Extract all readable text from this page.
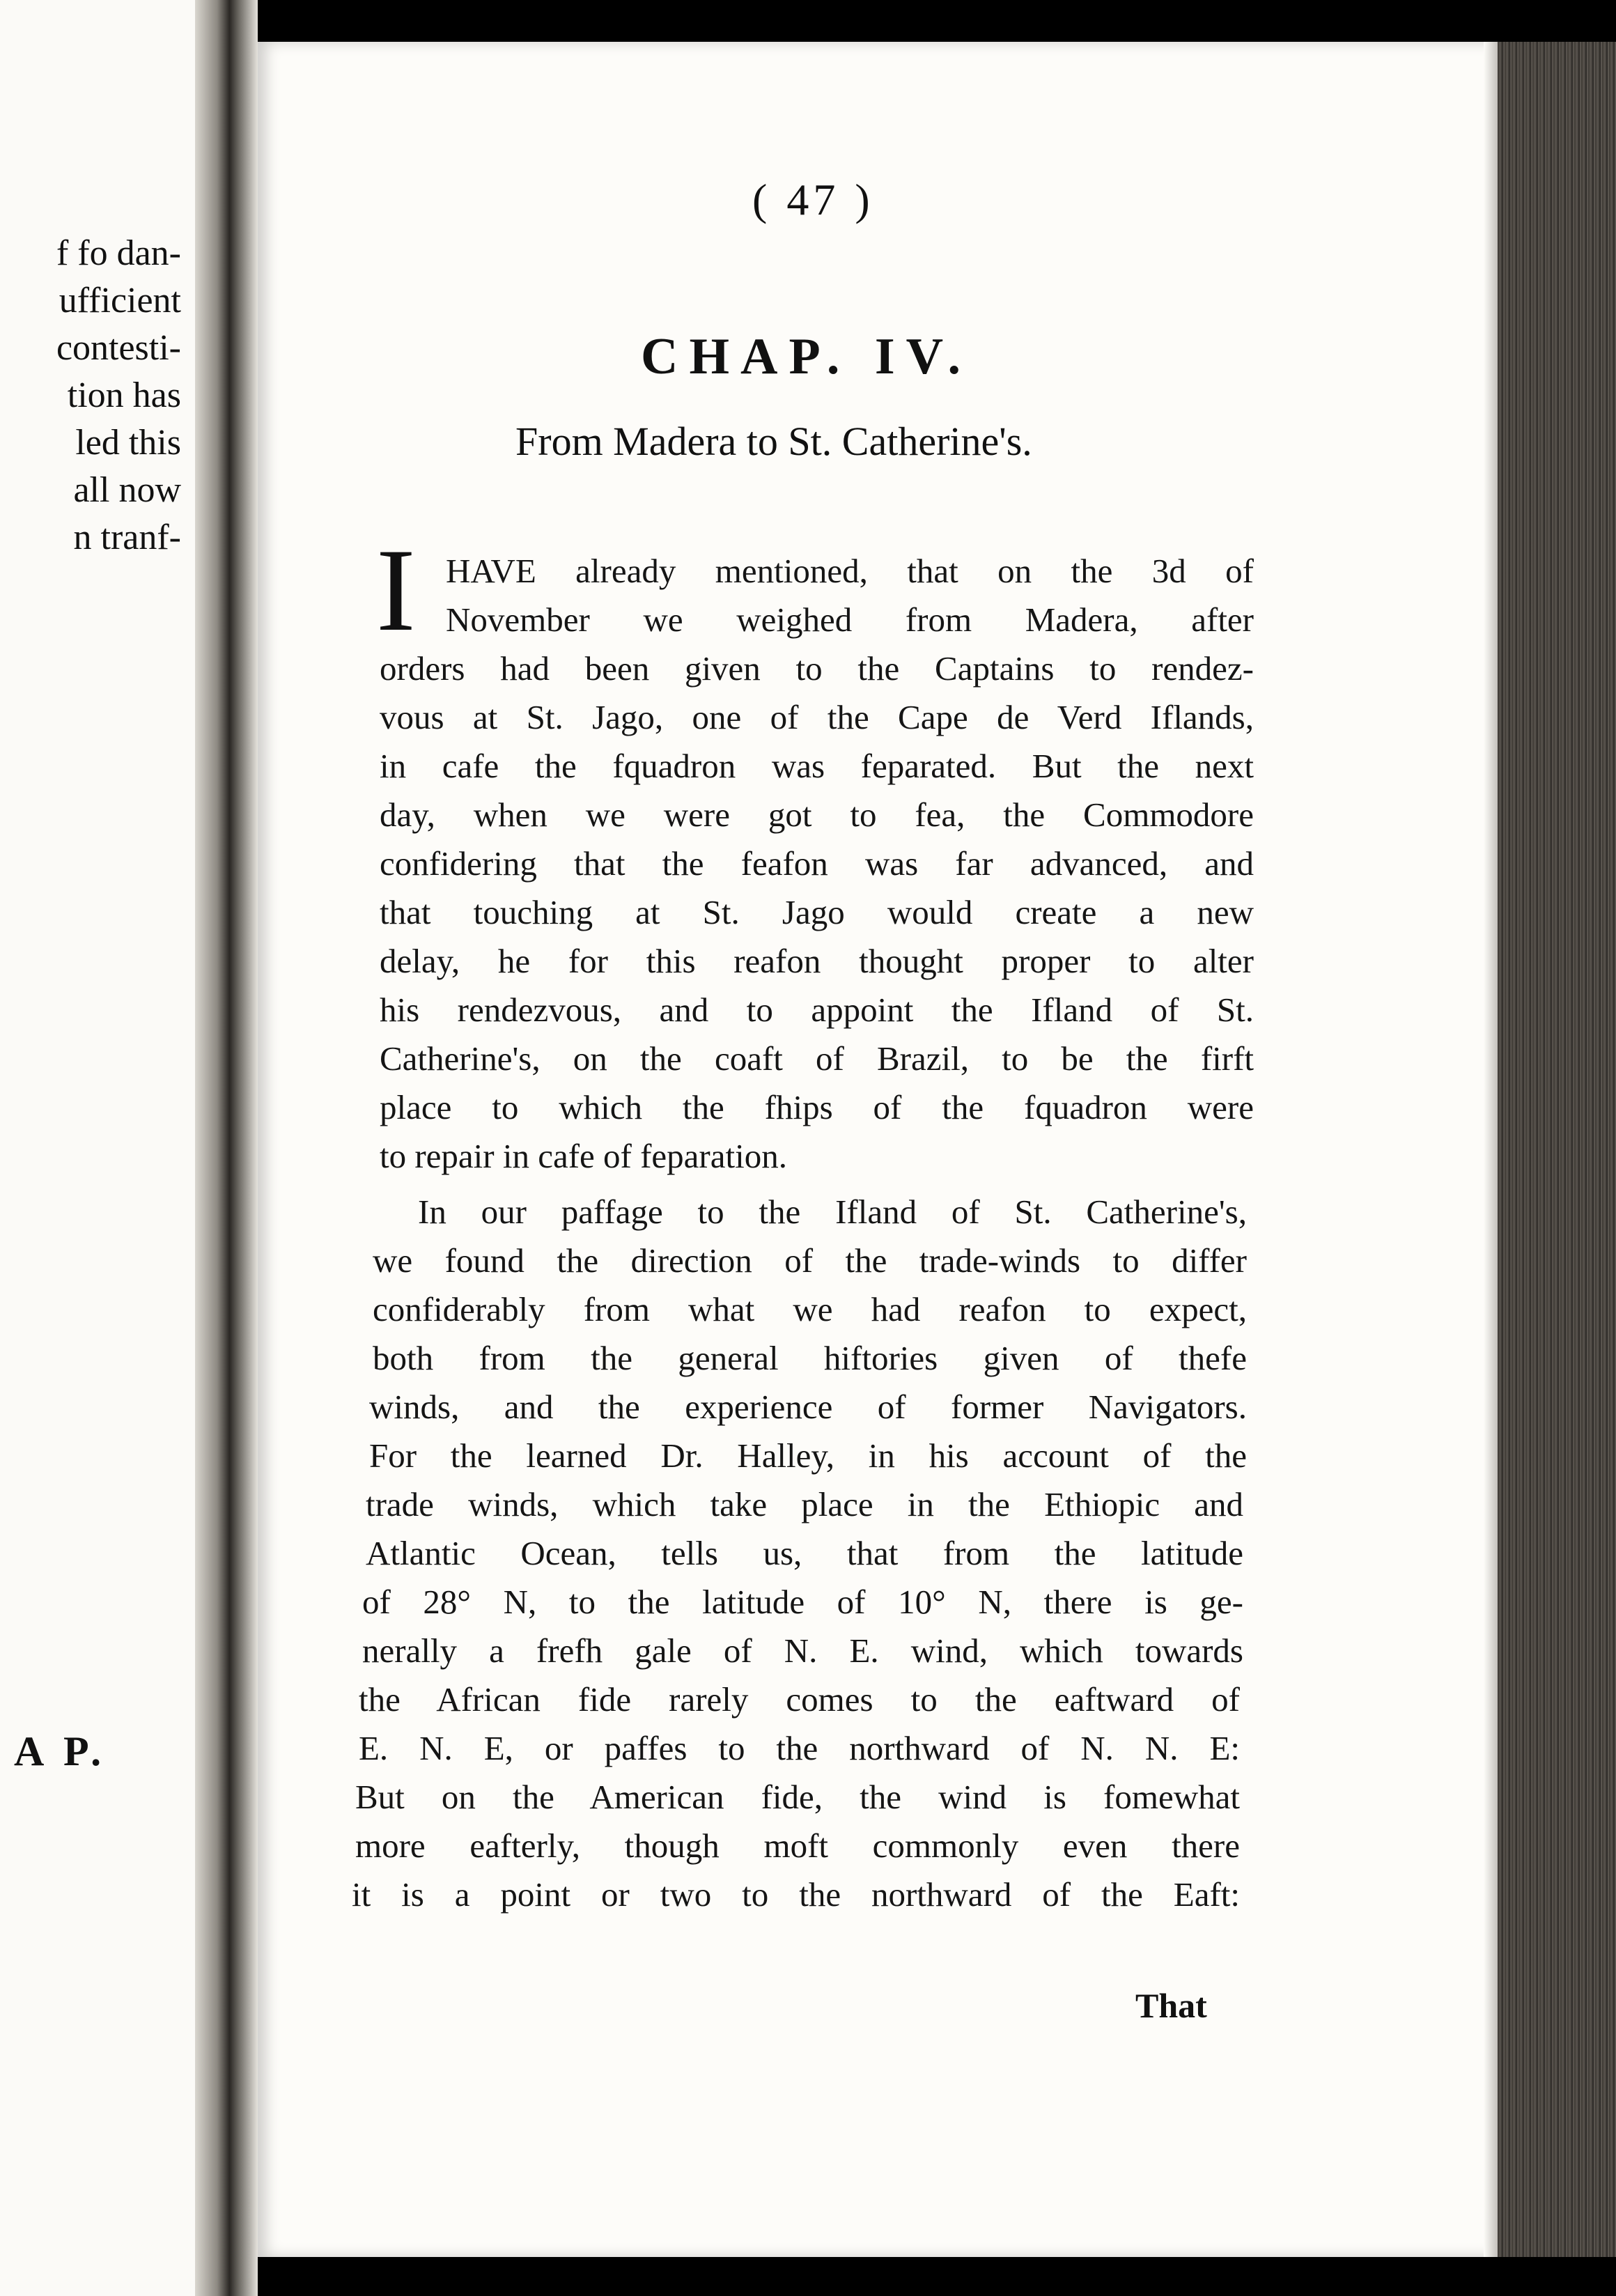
f fo dan-
ufficient
contesti-
tion has
led this
all now
n tranf-
A P.
( 47 )
CHAP. IV.
From Madera to St. Catherine's.
I HAVE already mentioned, that on the 3d of
November we weighed from Madera, after
orders had been given to the Captains to rendez-
vous at St. Jago, one of the Cape de Verd Iflands,
in cafe the fquadron was feparated. But the next
day, when we were got to fea, the Commodore
confidering that the feafon was far advanced, and
that touching at St. Jago would create a new
delay, he for this reafon thought proper to alter
his rendezvous, and to appoint the Ifland of St.
Catherine's, on the coaft of Brazil, to be the firft
place to which the fhips of the fquadron were
to repair in cafe of feparation.
In our paffage to the Ifland of St. Catherine's,
we found the direction of the trade-winds to differ
confiderably from what we had reafon to expect,
both from the general hiftories given of thefe
winds, and the experience of former Navigators.
For the learned Dr. Halley, in his account of the
trade winds, which take place in the Ethiopic and
Atlantic Ocean, tells us, that from the latitude
of 28° N, to the latitude of 10° N, there is ge-
nerally a frefh gale of N. E. wind, which towards
the African fide rarely comes to the eaftward of
E. N. E, or paffes to the northward of N. N. E:
But on the American fide, the wind is fomewhat
more eafterly, though moft commonly even there
it is a point or two to the northward of the Eaft:
That
